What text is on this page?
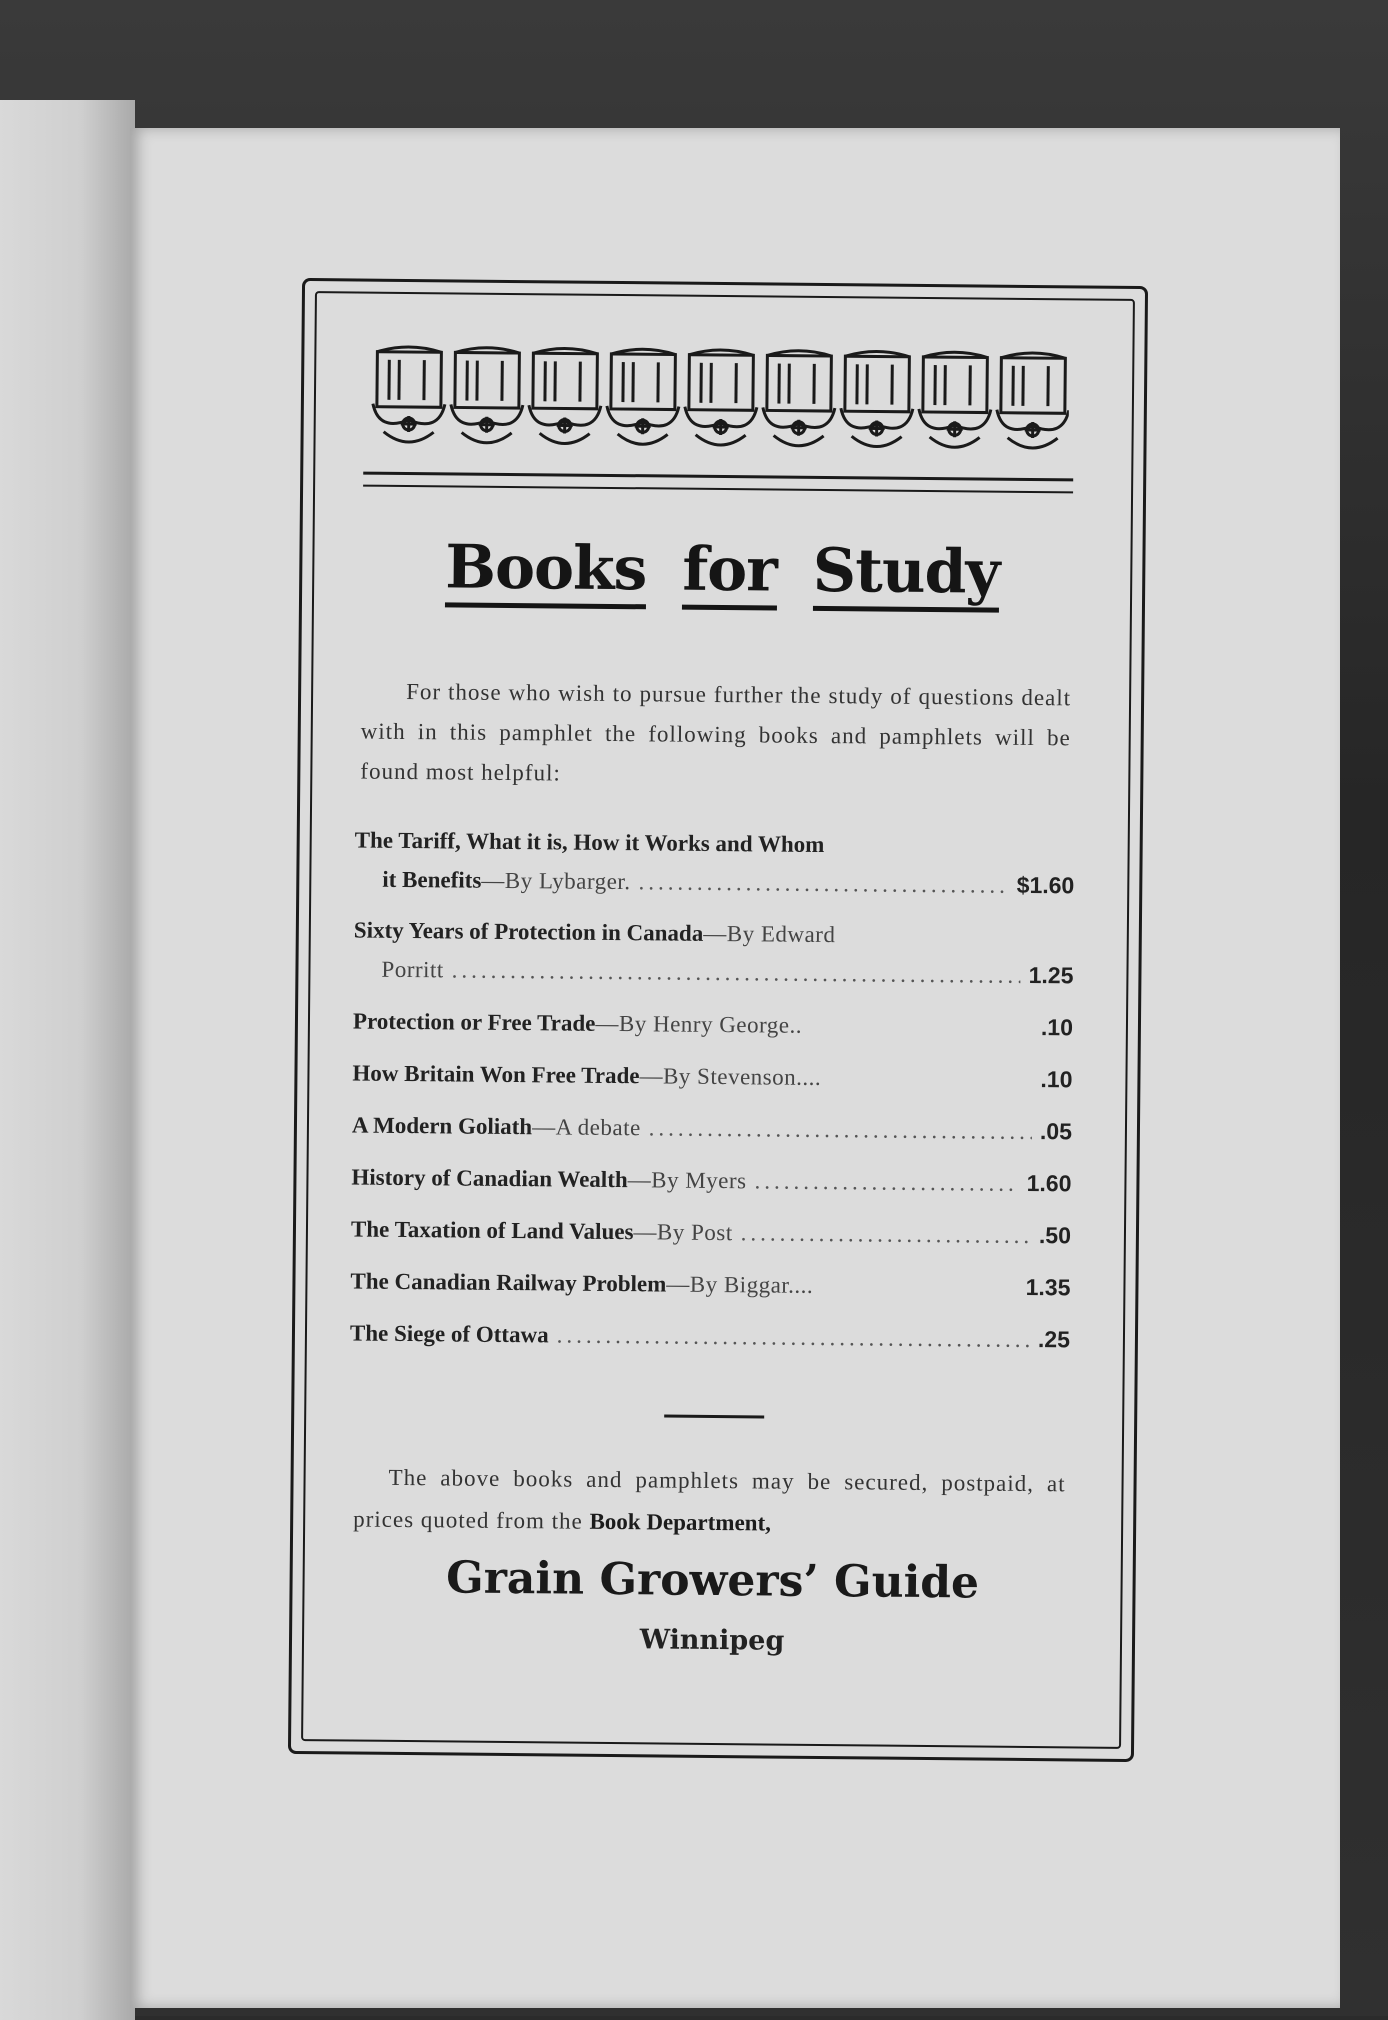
Books for Study
For those who wish to pursue further the study of questions dealt with in this pamphlet the following books and pamphlets will be found most helpful:
The Tariff, What it is, How it Works and Whom
it Benefits —By Lybarger. .....	$1.60
Sixty Years of Protection in Canada —By Edward
Porritt .....	1.25
Protection or Free Trade —By Henry George..	.10
How Britain Won Free Trade —By Stevenson....	.10
A Modern Goliath —A debate .....	.05
History of Canadian Wealth —By Myers .....	1.60
The Taxation of Land Values —By Post .....	.50
The Canadian Railway Problem —By Biggar....	1.35
The Siege of Ottawa .....	.25
The above books and pamphlets may be secured, postpaid, at prices quoted from the Book Department,
Grain Growers’ Guide
Winnipeg
